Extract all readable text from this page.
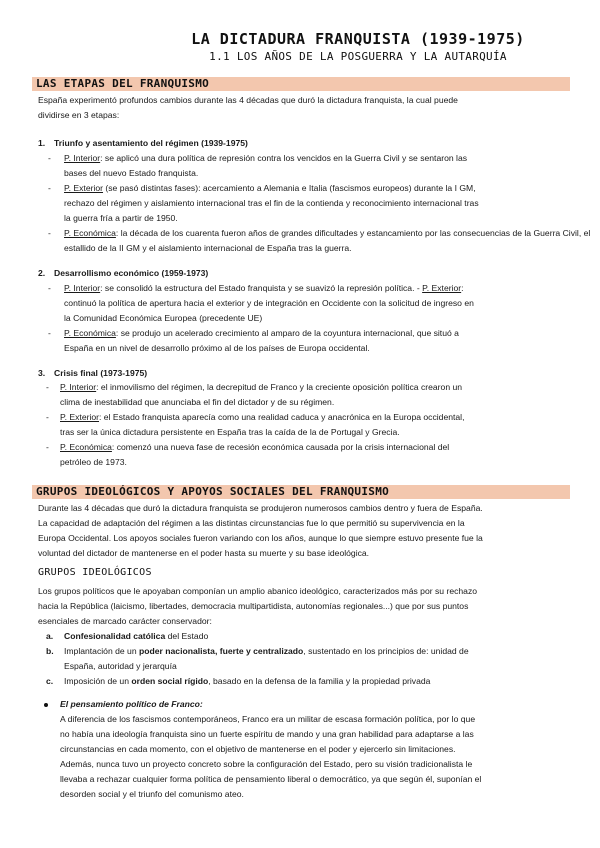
LA DICTADURA FRANQUISTA (1939-1975)
1.1 LOS AÑOS DE LA POSGUERRA Y LA AUTARQUÍA
LAS ETAPAS DEL FRANQUISMO
España experimentó profundos cambios durante las 4 décadas que duró la dictadura franquista, la cual puede
dividirse en 3 etapas:
1. Triunfo y asentamiento del régimen (1939-1975)
- P. Interior: se aplicó una dura política de represión contra los vencidos en la Guerra Civil y se sentaron las
bases del nuevo Estado franquista.
- P. Exterior (se pasó distintas fases): acercamiento a Alemania e Italia (fascismos europeos) durante la I GM,
rechazo del régimen y aislamiento internacional tras el fin de la contienda y reconocimiento internacional tras
la guerra fría a partir de 1950.
- P. Económica: la década de los cuarenta fueron años de grandes dificultades y estancamiento por las consecuencias de la Guerra Civil, el
estallido de la II GM y el aislamiento internacional de España tras la guerra.
2. Desarrollismo económico (1959-1973)
- P. Interior: se consolidó la estructura del Estado franquista y se suavizó la represión política. - P. Exterior:
continuó la política de apertura hacia el exterior y de integración en Occidente con la solicitud de ingreso en
la Comunidad Económica Europea (precedente UE)
- P. Económica: se produjo un acelerado crecimiento al amparo de la coyuntura internacional, que situó a
España en un nivel de desarrollo próximo al de los países de Europa occidental.
3. Crisis final (1973-1975)
- P. Interior: el inmovilismo del régimen, la decrepitud de Franco y la creciente oposición política crearon un
clima de inestabilidad que anunciaba el fin del dictador y de su régimen.
- P. Exterior: el Estado franquista aparecía como una realidad caduca y anacrónica en la Europa occidental,
tras ser la única dictadura persistente en España tras la caída de la de Portugal y Grecia.
- P. Económica: comenzó una nueva fase de recesión económica causada por la crisis internacional del
petróleo de 1973.
GRUPOS IDEOLÓGICOS Y APOYOS SOCIALES DEL FRANQUISMO
Durante las 4 décadas que duró la dictadura franquista se produjeron numerosos cambios dentro y fuera de España.
La capacidad de adaptación del régimen a las distintas circunstancias fue lo que permitió su supervivencia en la
Europa Occidental. Los apoyos sociales fueron variando con los años, aunque lo que siempre estuvo presente fue la
voluntad del dictador de mantenerse en el poder hasta su muerte y su base ideológica.
GRUPOS IDEOLÓGICOS
Los grupos políticos que le apoyaban componían un amplio abanico ideológico, caracterizados más por su rechazo
hacia la República (laicismo, libertades, democracia multipartidista, autonomías regionales...) que por sus puntos
esenciales de marcado carácter conservador:
a. Confesionalidad católica del Estado
b. Implantación de un poder nacionalista, fuerte y centralizado, sustentado en los principios de: unidad de
España, autoridad y jerarquía
c. Imposición de un orden social rígido, basado en la defensa de la familia y la propiedad privada
El pensamiento político de Franco:
A diferencia de los fascismos contemporáneos, Franco era un militar de escasa formación política, por lo que
no había una ideología franquista sino un fuerte espíritu de mando y una gran habilidad para adaptarse a las
circunstancias en cada momento, con el objetivo de mantenerse en el poder y ejercerlo sin limitaciones.
Además, nunca tuvo un proyecto concreto sobre la configuración del Estado, pero su visión tradicionalista le
llevaba a rechazar cualquier forma política de pensamiento liberal o democrático, ya que según él, suponían el
desorden social y el triunfo del comunismo ateo.
